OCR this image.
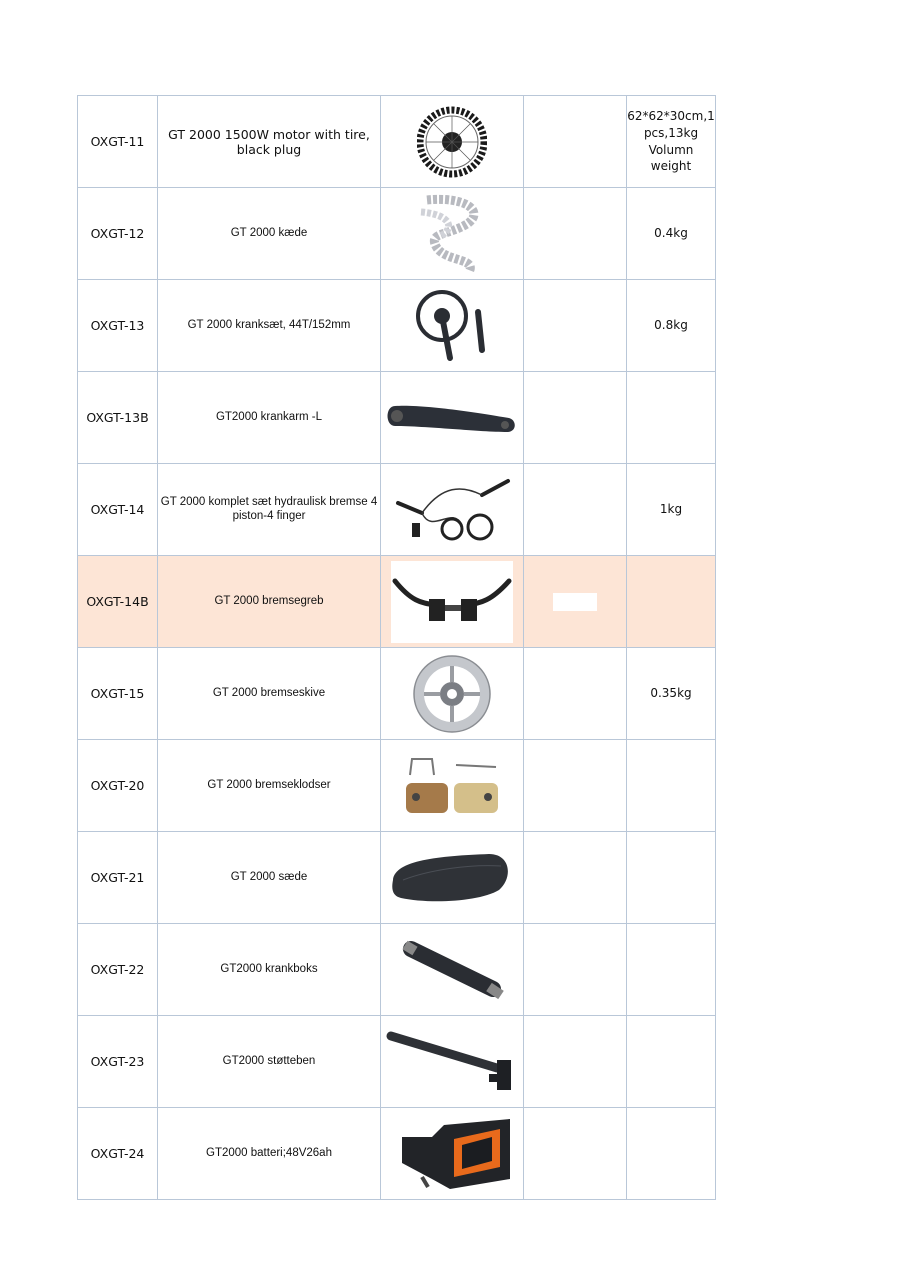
OXGT-11	GT 2000 1500W motor with tire, black plug			62*62*30cm,1 pcs,13kg Volumn weight
OXGT-12	GT 2000 kæde			0.4kg
OXGT-13	GT 2000 kranksæt, 44T/152mm			0.8kg
OXGT-13B	GT2000 krankarm -L	

OXGT-14	GT 2000 komplet sæt hydraulisk bremse 4 piston-4 finger			1kg
OXGT-14B	GT 2000 bremsegreb	

OXGT-15	GT 2000 bremseskive			0.35kg
OXGT-20	GT 2000 bremseklodser	

OXGT-21	GT 2000 sæde	

OXGT-22	GT2000 krankboks	

OXGT-23	GT2000 støtteben	

OXGT-24	GT2000 batteri;48V26ah	
